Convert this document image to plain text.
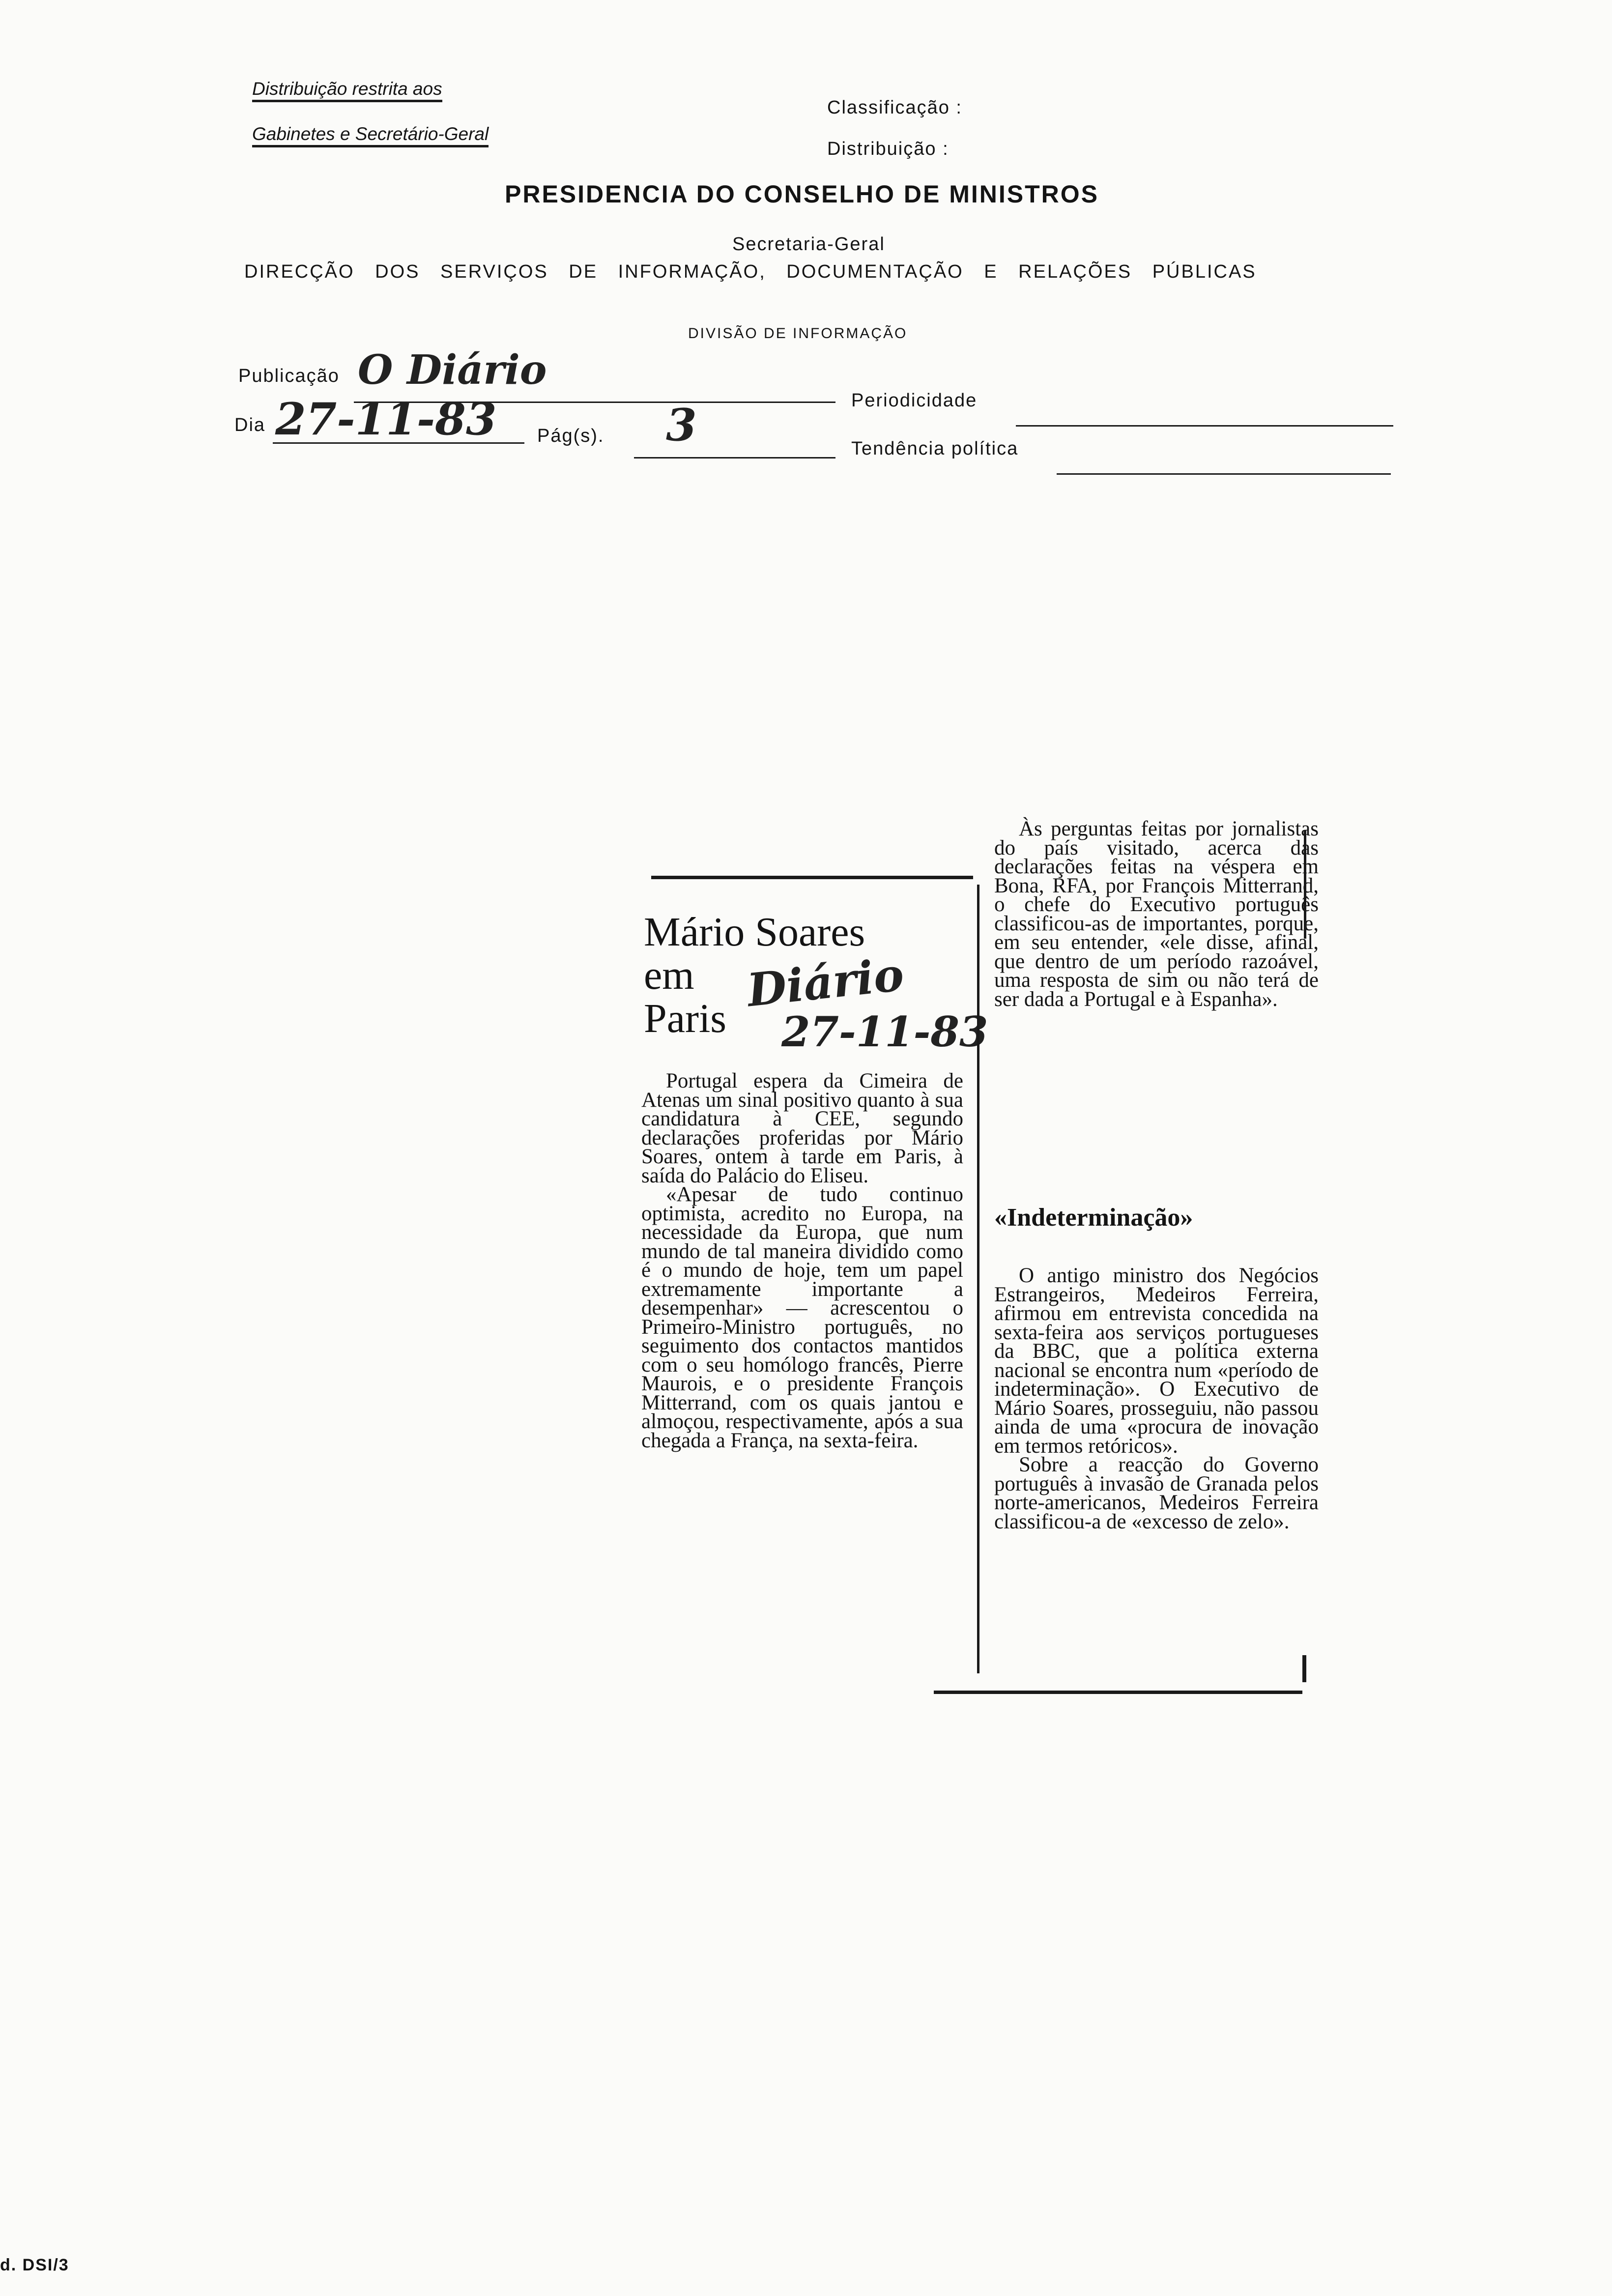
Distribuição restrita aos
Gabinetes e Secretário-Geral
Classificação :
Distribuição :
PRESIDENCIA DO CONSELHO DE MINISTROS
Secretaria-Geral
DIRECÇÃO DOS SERVIÇOS DE INFORMAÇÃO, DOCUMENTAÇÃO E RELAÇÕES PÚBLICAS
DIVISÃO DE INFORMAÇÃO
Publicação O Diário
Periodicidade
Dia 27-11-83 Pág(s). 3	Tendência política
Mário Soares
em
Paris
Diário
27-11-83

Portugal espera da Cimeira de Atenas um sinal positivo quanto à sua candidatura à CEE, segundo declarações proferidas por Mário Soares, ontem à tarde em Paris, à saída do Palácio do Eliseu.

«Apesar de tudo continuo optimista, acredito no Europa, na necessidade da Europa, que num mundo de tal maneira dividido como é o mundo de hoje, tem um papel extremamente importante a desempenhar» — acrescentou o Primeiro-Ministro português, no seguimento dos contactos mantidos com o seu homólogo francês, Pierre Maurois, e o presidente François Mitterrand, com os quais jantou e almoçou, respectivamente, após a sua chegada a França, na sexta-feira.

Às perguntas feitas por jornalistas do país visitado, acerca das declarações feitas na véspera em Bona, RFA, por François Mitterrand, o chefe do Executivo português classificou-as de importantes, porque, em seu entender, «ele disse, afinal, que dentro de um período razoável, uma resposta de sim ou não terá de ser dada a Portugal e à Espanha».

«Indeterminação»

O antigo ministro dos Negócios Estrangeiros, Medeiros Ferreira, afirmou em entrevista concedida na sexta-feira aos serviços portugueses da BBC, que a política externa nacional se encontra num «período de indeterminação». O Executivo de Mário Soares, prosseguiu, não passou ainda de uma «procura de inovação em termos retóricos».

Sobre a reacção do Governo português à invasão de Granada pelos norte-americanos, Medeiros Ferreira classificou-a de «excesso de zelo».

d. DSI/3
